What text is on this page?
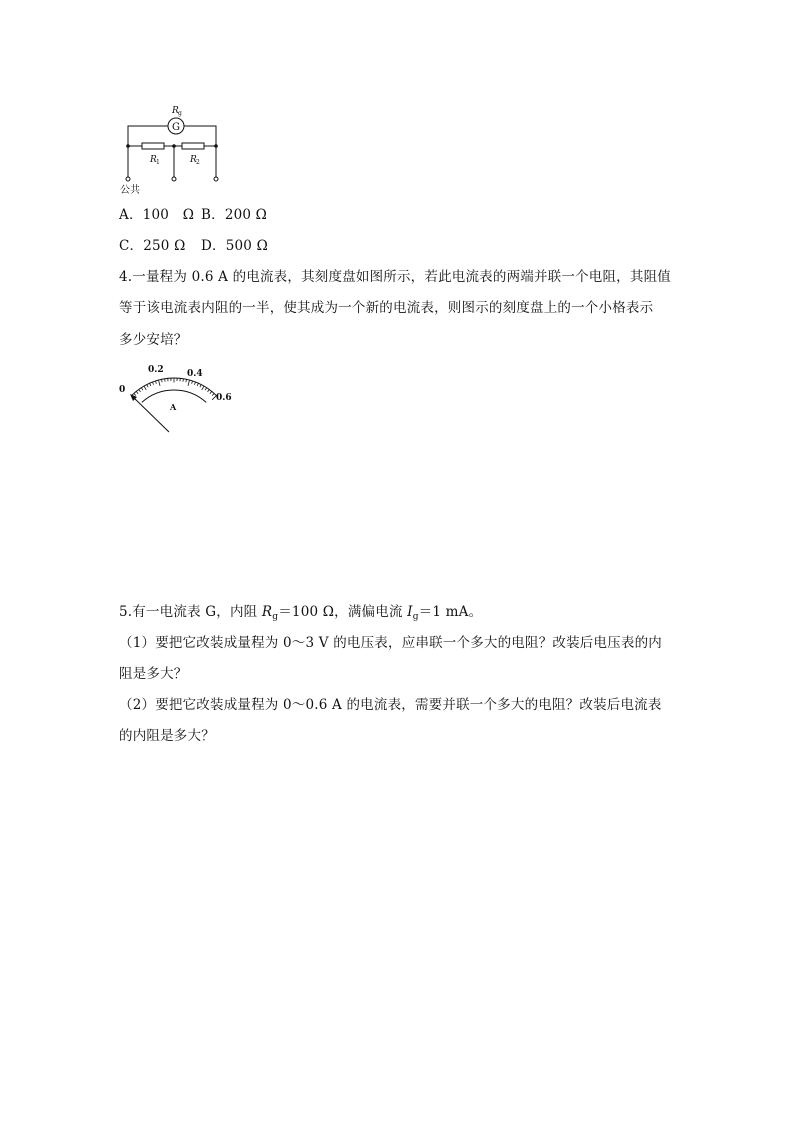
G
R g
R 1	R 2
公共
A．100　Ω B．200 Ω
C．250 Ω D．500 Ω
4.一量程为 0.6 A 的电流表，其刻度盘如图所示，若此电流表的两端并联一个电阻，其阻值
等于该电流表内阻的一半，使其成为一个新的电流表，则图示的刻度盘上的一个小格表示
多少安培？
0
0.2	0.4
0.6
A
5.有一电流表 G，内阻 $R_g=100$ Ω，满偏电流 $I_g=1$ mA。
（1）要把它改装成量程为 0～3 V 的电压表，应串联一个多大的电阻？改装后电压表的内
阻是多大？
（2）要把它改装成量程为 0～0.6 A 的电流表，需要并联一个多大的电阻？改装后电流表
的内阻是多大？
